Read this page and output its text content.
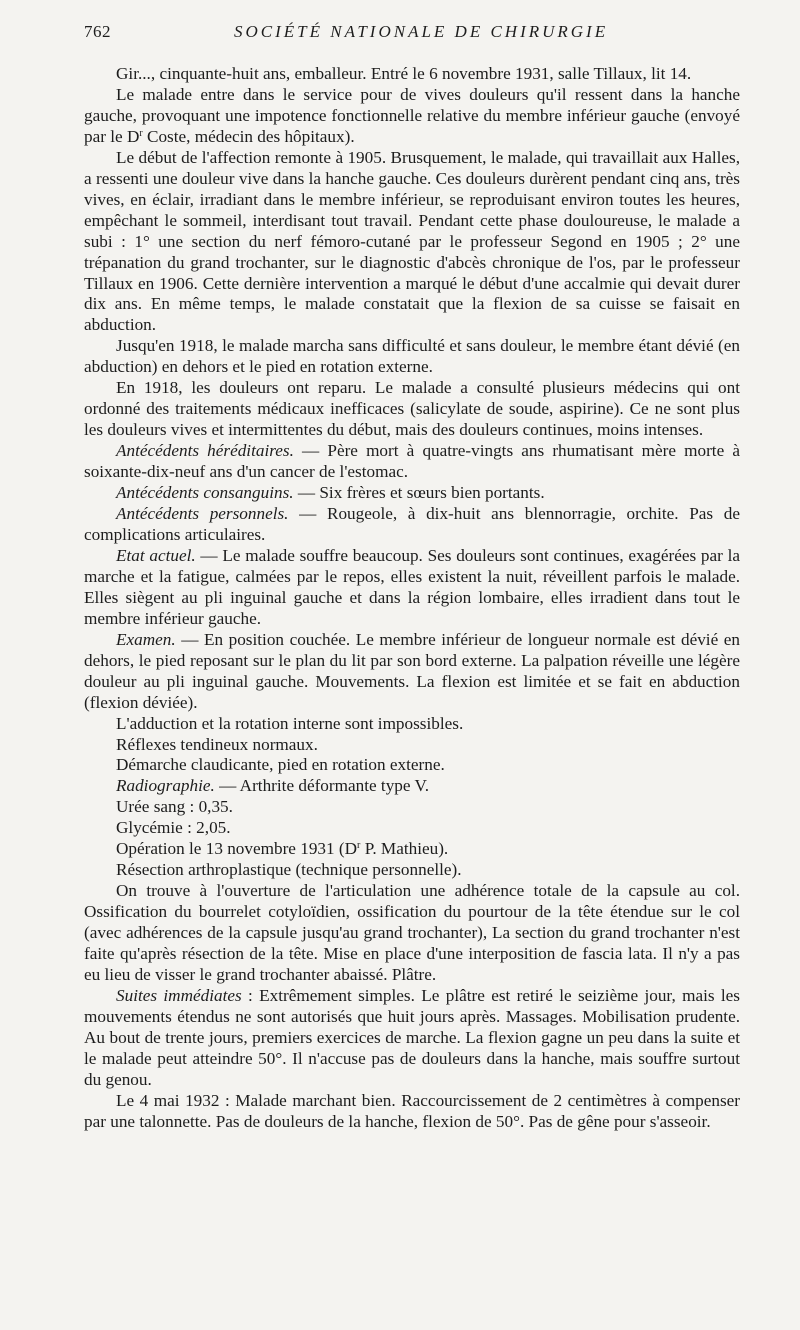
762	SOCIÉTÉ NATIONALE DE CHIRURGIE

Gir..., cinquante-huit ans, emballeur. Entré le 6 novembre 1931, salle Tillaux, lit 14.

Le malade entre dans le service pour de vives douleurs qu'il ressent dans la hanche gauche, provoquant une impotence fonctionnelle relative du membre inférieur gauche (envoyé par le $D^r$ Coste, médecin des hôpitaux).

Le début de l'affection remonte à 1905. Brusquement, le malade, qui travaillait aux Halles, a ressenti une douleur vive dans la hanche gauche. Ces douleurs durèrent pendant cinq ans, très vives, en éclair, irradiant dans le membre inférieur, se reproduisant environ toutes les heures, empêchant le sommeil, interdisant tout travail. Pendant cette phase douloureuse, le malade a subi : 1° une section du nerf fémoro-cutané par le professeur Segond en 1905 ; 2° une trépanation du grand trochanter, sur le diagnostic d'abcès chronique de l'os, par le professeur Tillaux en 1906. Cette dernière intervention a marqué le début d'une accalmie qui devait durer dix ans. En même temps, le malade constatait que la flexion de sa cuisse se faisait en abduction.

Jusqu'en 1918, le malade marcha sans difficulté et sans douleur, le membre étant dévié (en abduction) en dehors et le pied en rotation externe.

En 1918, les douleurs ont reparu. Le malade a consulté plusieurs médecins qui ont ordonné des traitements médicaux inefficaces (salicylate de soude, aspirine). Ce ne sont plus les douleurs vives et intermittentes du début, mais des douleurs continues, moins intenses.

Antécédents héréditaires. — Père mort à quatre-vingts ans rhumatisant mère morte à soixante-dix-neuf ans d'un cancer de l'estomac.

Antécédents consanguins. — Six frères et sœurs bien portants.

Antécédents personnels. — Rougeole, à dix-huit ans blennorragie, orchite. Pas de complications articulaires.

Etat actuel. — Le malade souffre beaucoup. Ses douleurs sont continues, exagérées par la marche et la fatigue, calmées par le repos, elles existent la nuit, réveillent parfois le malade. Elles siègent au pli inguinal gauche et dans la région lombaire, elles irradient dans tout le membre inférieur gauche.

Examen. — En position couchée. Le membre inférieur de longueur normale est dévié en dehors, le pied reposant sur le plan du lit par son bord externe. La palpation réveille une légère douleur au pli inguinal gauche. Mouvements. La flexion est limitée et se fait en abduction (flexion déviée).

L'adduction et la rotation interne sont impossibles.

Réflexes tendineux normaux.

Démarche claudicante, pied en rotation externe.

Radiographie. — Arthrite déformante type V.

Urée sang : 0,35.

Glycémie : 2,05.

Opération le 13 novembre 1931 ($D^r$ P. Mathieu).

Résection arthroplastique (technique personnelle).

On trouve à l'ouverture de l'articulation une adhérence totale de la capsule au col. Ossification du bourrelet cotyloïdien, ossification du pourtour de la tête étendue sur le col (avec adhérences de la capsule jusqu'au grand trochanter), La section du grand trochanter n'est faite qu'après résection de la tête. Mise en place d'une interposition de fascia lata. Il n'y a pas eu lieu de visser le grand trochanter abaissé. Plâtre.

Suites immédiates : Extrêmement simples. Le plâtre est retiré le seizième jour, mais les mouvements étendus ne sont autorisés que huit jours après. Massages. Mobilisation prudente. Au bout de trente jours, premiers exercices de marche. La flexion gagne un peu dans la suite et le malade peut atteindre 50°. Il n'accuse pas de douleurs dans la hanche, mais souffre surtout du genou.

Le 4 mai 1932 : Malade marchant bien. Raccourcissement de 2 centimètres à compenser par une talonnette. Pas de douleurs de la hanche, flexion de 50°. Pas de gêne pour s'asseoir.
